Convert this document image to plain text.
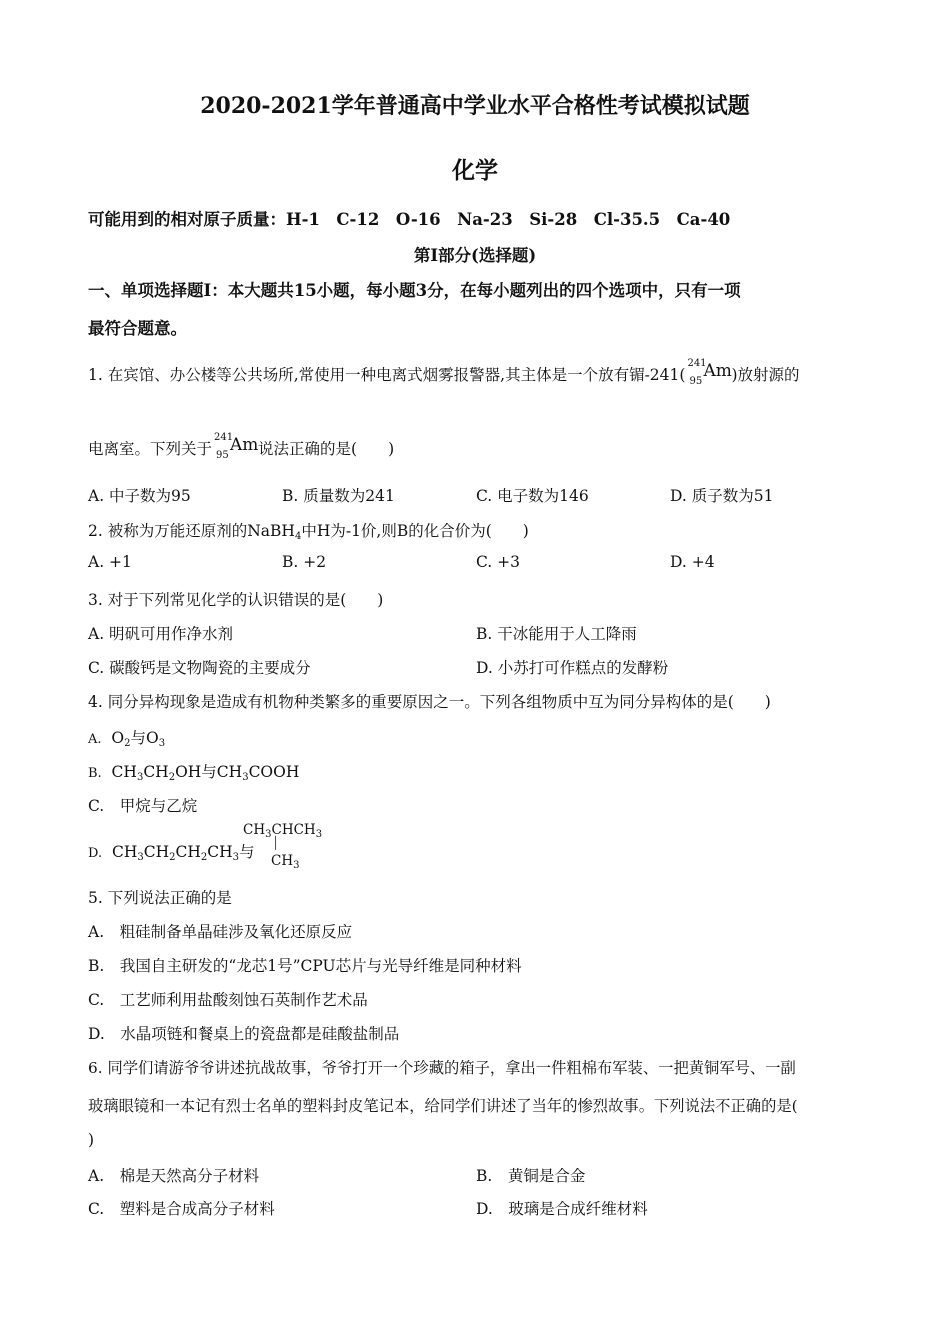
2020-2021学年普通高中学业水平合格性考试模拟试题
化学
可能用到的相对原子质量：H-1　C-12　O-16　Na-23　Si-28　Cl-35.5　Ca-40
第I部分(选择题)
一、单项选择题I：本大题共15小题，每小题3分，在每小题列出的四个选项中，只有一项
最符合题意。
1. 在宾馆、办公楼等公共场所,常使用一种电离式烟雾报警器,其主体是一个放有镅-241(
241
95
Am )放射源的
电离室。下列关于
241
95
Am 说法正确的是(　　)
A. 中子数为95	B. 质量数为241	C. 电子数为146	D. 质子数为51
2. 被称为万能还原剂的NaBH$_4$中H为-1价,则B的化合价为(　　)
A. +1	B. +2	C. +3	D. +4
3. 对于下列常见化学的认识错误的是(　　)
A. 明矾可用作净水剂	B. 干冰能用于人工降雨
C. 碳酸钙是文物陶瓷的主要成分	D. 小苏打可作糕点的发酵粉
4. 同分异构现象是造成有机物种类繁多的重要原因之一。下列各组物质中互为同分异构体的是(　　)
A. $O_2$与$O_3$
B. $CH_3CH_2OH$与$CH_3COOH$
C.　甲烷与乙烷
D. $CH_3CH_2CH_2CH_3$与
$CH_3CHCH_3$
│
$CH_3$
5. 下列说法正确的是
A.　粗硅制备单晶硅涉及氧化还原反应
B.　我国自主研发的“龙芯1号”CPU芯片与光导纤维是同种材料
C.　工艺师利用盐酸刻蚀石英制作艺术品
D.　水晶项链和餐桌上的瓷盘都是硅酸盐制品
6. 同学们请游爷爷讲述抗战故事，爷爷打开一个珍藏的箱子，拿出一件粗棉布军装、一把黄铜军号、一副
玻璃眼镜和一本记有烈士名单的塑料封皮笔记本，给同学们讲述了当年的惨烈故事。下列说法不正确的是(
)
A.　棉是天然高分子材料	B.　黄铜是合金
C.　塑料是合成高分子材料	D.　玻璃是合成纤维材料
